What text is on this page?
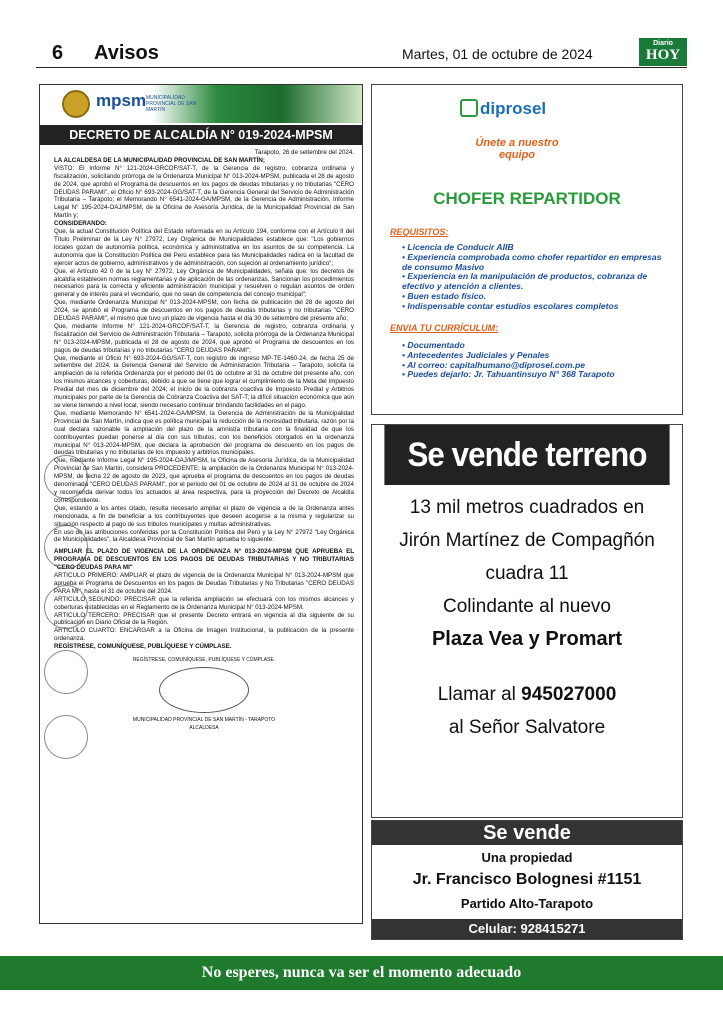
6 Avisos	Martes, 01 de octubre de 2024
Diario
HOY
mpsm MUNICIPALIDAD PROVINCIAL DE SAN MARTÍN
DECRETO DE ALCALDÍA N° 019-2024-MPSM

Tarapoto, 26 de setiembre del 2024.

LA ALCALDESA DE LA MUNICIPALIDAD PROVINCIAL DE SAN MARTÍN;

VISTO: El Informe N° 121-2024-GRCOF/SAT-T, de la Gerencia de registro, cobranza ordinaria y fiscalización, solicitando prórroga de la Ordenanza Municipal N° 013-2024-MPSM, publicada el 28 de agosto de 2024, que aprobó el Programa de descuentos en los pagos de deudas tributarias y no tributarias "CERO DEUDAS PARAMI", el Oficio N° 693-2024-GG/SAT-T, de la Gerencia General del Servicio de Administración Tributaria – Tarapoto; el Memorando N° 6541-2024-GA/MPSM, de la Gerencia de Administración, Informe Legal N° 195-2024-OAJ/MPSM, de la Oficina de Asesoría Jurídica, de la Municipalidad Provincial de San Martín y;

CONSIDERANDO:

Que, la actual Constitución Política del Estado reformada en su Artículo 194, conforme con el Artículo II del Título Preliminar de la Ley N° 27972, Ley Orgánica de Municipalidades establece que: "Los gobiernos locales gozan de autonomía política, económica y administrativa en los asuntos de su competencia. La autonomía que la Constitución Política del Perú establece para las Municipalidades radica en la facultad de ejercer actos de gobierno, administrativos y de administración, con sujeción al ordenamiento jurídico";

Que, el Artículo 42 0 de la Ley N° 27972, Ley Orgánica de Municipalidades, señala que: los decretos de alcaldía establecen normas reglamentarias y de aplicación de las ordenanzas, Sancionan los procedimientos necesarios para la correcta y eficiente administración municipal y resuelven o regulan asuntos de orden general y de interés para el vecindario, que no sean de competencia del concejo municipal";

Que, mediante Ordenanza Municipal N° 013-2024-MPSM, con fecha de publicación del 28 de agosto del 2024, se aprobó el Programa de descuentos en los pagos de deudas tributarias y no tributarias "CERO DEUDAS PARAMI", el mismo que tuvo un plazo de vigencia hasta el día 30 de setiembre del presente año;

Que, mediante Informe N° 121-2024-GRCOF/SAT-T, la Gerencia de registro, cobranza ordinaria y fiscalización del Servicio de Administración Tributaria – Tarapoto, solicita prórroga de la Ordenanza Municipal N° 013-2024-MPSM, publicada el 28 de agosto de 2024, que aprobó el Programa de descuentos en los pagos de deudas tributarias y no tributarias "CERO DEUDAS PARAMI";

Que, mediante el Oficio N° 693-2024-GG/SAT-T, con registro de ingreso MP-TE-1460-24, de fecha 25 de setiembre del 2024, la Gerencia General del Servicio de Administración Tributaria – Tarapoto, solicita la ampliación de la referida Ordenanza por el periodo del 01 de octubre al 31 de octubre del presente año, con los mismos alcances y coberturas, debido a que se tiene que lograr el cumplimiento de la Meta del Impuesto Predial del mes de diciembre del 2024; el inicio de la cobranza coactiva de Impuesto Predial y Arbitrios municipales por parte de la Gerencia de Cobranza Coactiva del SAT-T; la difícil situación económica que aún se viene teniendo a nivel local, siendo necesario continuar brindando facilidades en el pago.

Que, mediante Memorando N° 6541-2024-GA/MPSM, la Gerencia de Administración de la Municipalidad Provincial de San Martín, indica que es política municipal la reducción de la morosidad tributaria, razón por la cual declara razonable la ampliación del plazo de la amnistía tributaria con la finalidad de que los contribuyentes puedan ponerse al día con sus tributos, con los beneficios otorgados en la ordenanza municipal N° 013-2024-MPSM, que declara la aprobación del programa de descuento en los pagos de deudas tributarias y no tributarias de los impuesto y arbitrios municipales.

Que, mediante Informe Legal N° 195-2024-OAJ/MPSM, la Oficina de Asesoría Jurídica, de la Municipalidad Provincial de San Martín, considera PROCEDENTE; la ampliación de la Ordenanza Municipal N° 013-2024-MPSM, de fecha 22 de agosto de 2023, que aprueba el programa de descuentos en los pagos de deudas denominada "CERO DEUDAS PARAMI", por el periodo del 01 de octubre de 2024 al 31 de octubre de 2024 y recomienda derivar todos los actuados al área respectiva, para la proyección del Decreto de Alcaldía correspondiente.

Que, estando a los antes citado, resulta necesario ampliar el plazo de vigencia a de la Ordenanza antes mencionada, a fin de beneficiar a los contribuyentes que deseen acogerse a la misma y regularizar su situación respecto al pago de sus tributos municipales y multas administrativas.

En uso de las atribuciones conferidas por la Constitución Política del Perú y la Ley N° 27972 "Ley Orgánica de Municipalidades", la Alcaldesa Provincial de San Martín aprueba lo siguiente:

AMPLIAR EL PLAZO DE VIGENCIA DE LA ORDENANZA N° 013-2024-MPSM QUE APRUEBA EL PROGRAMA DE DESCUENTOS EN LOS PAGOS DE DEUDAS TRIBUTARIAS Y NO TRIBUTARIAS "CERO DEUDAS PARA MI"

ARTICULO PRIMERO: AMPLIAR el plazo de vigencia de la Ordenanza Municipal N° 013-2024-MPSM que aprueba el Programa de Descuentos en los pagos de Deudas Tributarias y No Tributarias "CERO DEUDAS PARA MI", hasta el 31 de octubre del 2024.

ARTICULO SEGUNDO: PRECISAR que la referida ampliación se efectuará con los mismos alcances y coberturas establecidas en el Reglamento de la Ordenanza Municipal N° 013-2024-MPSM.

ARTICULO TERCERO: PRECISAR que el presente Decreto entrará en vigencia al día siguiente de su publicación en Diario Oficial de la Región.

ARTICULO CUARTO: ENCARGAR a la Oficina de Imagen Institucional, la publicación de la presente ordenanza.

REGÍSTRESE, COMUNÍQUESE, PUBLÍQUESE Y CÚMPLASE.

REGÍSTRESE, COMUNÍQUESE, PUBLÍQUESE Y CÚMPLASE.
MUNICIPALIDAD PROVINCIAL DE SAN MARTÍN - TARAPOTO
ALCALDESA
diprosel
Únete a nuestro equipo
CHOFER REPARTIDOR
REQUISITOS:
• Licencia de Conducir AIIB
• Experiencia comprobada como chofer repartidor en empresas de consumo Masivo
• Experiencia en la manipulación de productos, cobranza de efectivo y atención a clientes.
• Buen estado físico.
• Indispensable contar estudios escolares completos
ENVIA TU CURRÍCULUM:
• Documentado
• Antecedentes Judiciales y Penales
• Al correo: capitalhumano@diprosel.com.pe
• Puedes dejarlo: Jr. Tahuantinsuyo N° 368 Tarapoto
Se vende terreno
13 mil metros cuadrados en
Jirón Martínez de Compagñón
cuadra 11
Colindante al nuevo
Plaza Vea y Promart
Llamar al 945027000
al Señor Salvatore
Se vende
Una propiedad
Jr. Francisco Bolognesi #1151
Partido Alto-Tarapoto
Celular: 928415271
No esperes, nunca va ser el momento adecuado
